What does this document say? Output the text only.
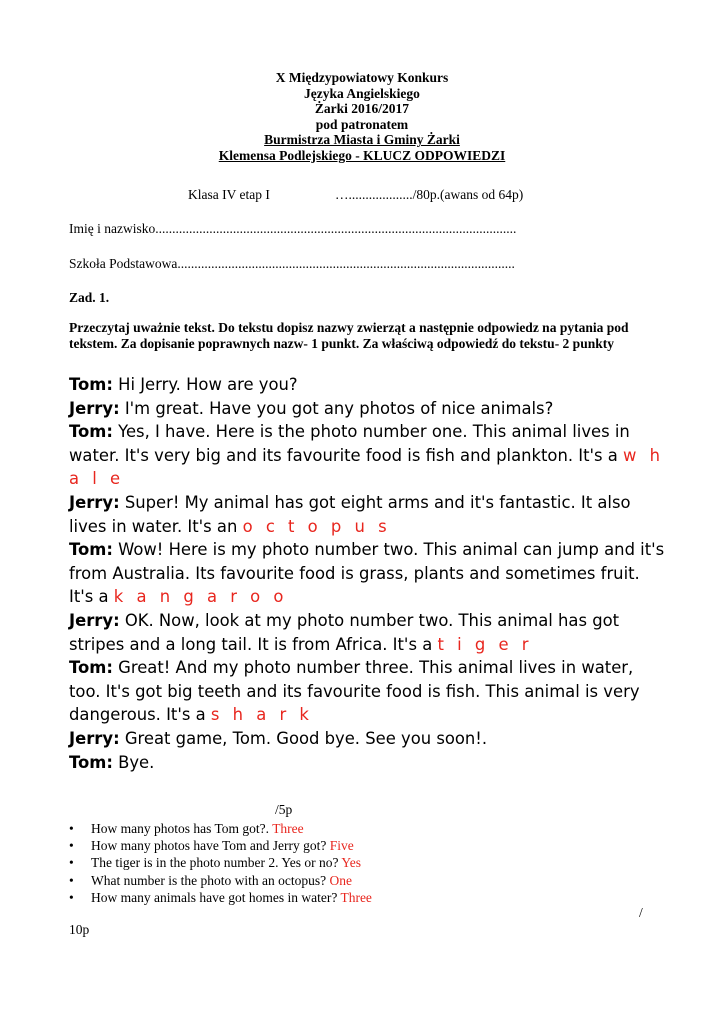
X Międzypowiatowy Konkurs
Języka Angielskiego
Żarki 2016/2017
pod patronatem
Burmistrza Miasta i Gminy Żarki
Klemensa Podlejskiego - KLUCZ ODPOWIEDZI
Klasa IV etap I	….................../80p.(awans od 64p)
Imię i nazwisko...........................................................................................................
Szkoła Podstawowa....................................................................................................
Zad. 1.
Przeczytaj uważnie tekst. Do tekstu dopisz nazwy zwierząt a następnie odpowiedz na pytania pod tekstem. Za dopisanie poprawnych nazw- 1 punkt. Za właściwą odpowiedź do tekstu- 2 punkty
Tom: Hi Jerry. How are you?
Jerry: I'm great. Have you got any photos of nice animals?
Tom: Yes, I have. Here is the photo number one. This animal lives in water. It's very big and its favourite food is fish and plankton. It's a w h a l e
Jerry: Super! My animal has got eight arms and it's fantastic. It also lives in water. It's an o c t o p u s
Tom: Wow! Here is my photo number two. This animal can jump and it's from Australia. Its favourite food is grass, plants and sometimes fruit. It's a k a n g a r o o
Jerry: OK. Now, look at my photo number two. This animal has got stripes and a long tail. It is from Africa. It's a t i g e r
Tom: Great! And my photo number three. This animal lives in water, too. It's got big teeth and its favourite food is fish. This animal is very dangerous. It's a s h a r k
Jerry: Great game, Tom. Good bye. See you soon!.
Tom: Bye.
/5p
• How many photos has Tom got?. Three
• How many photos have Tom and Jerry got? Five
• The tiger is in the photo number 2. Yes or no? Yes
• What number is the photo with an octopus? One
• How many animals have got homes in water? Three
/
10p
